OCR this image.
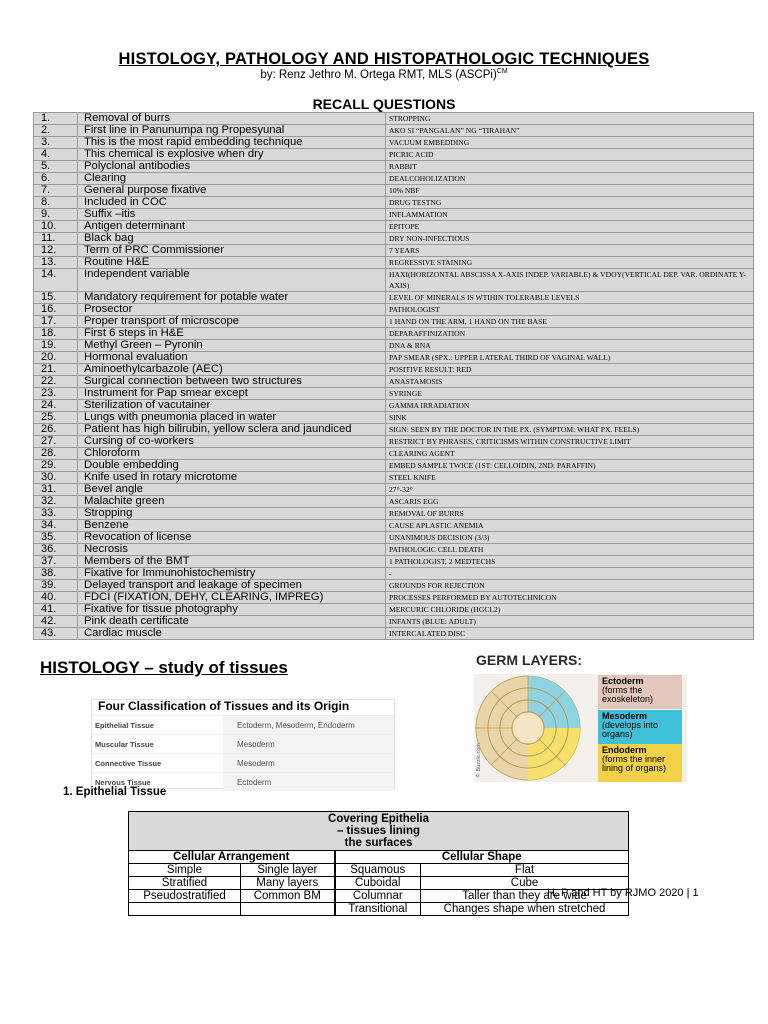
HISTOLOGY, PATHOLOGY AND HISTOPATHOLOGIC TECHNIQUES
by: Renz Jethro M. Ortega RMT, MLS (ASCPi)$^{CM}$
RECALL QUESTIONS
1.	Removal of burrs	STROPPING
2.	First line in Panunumpa ng Propesyunal	AKO SI “PANGALAN” NG “TIRAHAN”
3.	This is the most rapid embedding technique	VACUUM EMBEDDING
4.	This chemical is explosive when dry	PICRIC ACID
5.	Polyclonal antibodies	RABBIT
6.	Clearing	DEALCOHOLIZATION
7.	General purpose fixative	10% NBF
8.	Included in COC	DRUG TESTNG
9.	Suffix –itis	INFLAMMATION
10.	Antigen determinant	EPITOPE
11.	Black bag	DRY NON-INFECTIOUS
12.	Term of PRC Commissioner	7 YEARS
13.	Routine H&E	REGRESSIVE STAINING
14.	Independent variable	HAXI(HORIZONTAL ABSCISSA X-AXIS INDEP. VARIABLE) & VDOY(VERTICAL DEP. VAR. ORDINATE Y-AXIS)
15.	Mandatory requirement for potable water	LEVEL OF MINERALS IS WTIHIN TOLERABLE LEVELS
16.	Prosector	PATHOLOGIST
17.	Proper transport of microscope	1 HAND ON THE ARM, 1 HAND ON THE BASE
18.	First 6 steps in H&E	DEPARAFFINIZATION
19.	Methyl Green – Pyronin	DNA & RNA
20.	Hormonal evaluation	PAP SMEAR (SPX.: UPPER LATERAL THIRD OF VAGINAL WALL)
21.	Aminoethylcarbazole (AEC)	POSITIVE RESULT: RED
22.	Surgical connection between two structures	ANASTAMOSIS
23.	Instrument for Pap smear except	SYRINGE
24.	Sterilization of vacutainer	GAMMA IRRADIATION
25.	Lungs with pneumonia placed in water	SINK
26.	Patient has high bilirubin, yellow sclera and jaundiced	SIGN: SEEN BY THE DOCTOR IN THE PX. (SYMPTOM: WHAT PX. FEELS)
27.	Cursing of co-workers	RESTRICT BY PHRASES, CRITICISMS WITHIN CONSTRUCTIVE LIMIT
28.	Chloroform	CLEARING AGENT
29.	Double embedding	EMBED SAMPLE TWICE (1ST: CELLOIDIN, 2ND: PARAFFIN)
30.	Knife used in rotary microtome	STEEL KNIFE
31.	Bevel angle	27°-32°
32.	Malachite green	ASCARIS EGG
33.	Stropping	REMOVAL OF BURRS
34.	Benzene	CAUSE APLASTIC ANEMIA
35.	Revocation of license	UNANIMOUS DECISION (3/3)
36.	Necrosis	PATHOLOGIC CELL DEATH
37.	Members of the BMT	1 PATHOLOGIST, 2 MEDTECHS
38.	Fixative for Immunohistochemistry	-
39.	Delayed transport and leakage of specimen	GROUNDS FOR REJECTION
40.	FDCI (FIXATION, DEHY, CLEARING, IMPREG)	PROCESSES PERFORMED BY AUTOTECHNICON
41.	Fixative for tissue photography	MERCURIC CHLORIDE (HGCL2)
42.	Pink death certificate	INFANTS (BLUE: ADULT)
43.	Cardiac muscle	INTERCALATED DISC
HISTOLOGY – study of tissues
Four Classification of Tissues and its Origin
Epithelial Tissue	Ectoderm, Mesoderm, Endoderm
Muscular Tissue	Mesoderm
Connective Tissue	Mesoderm
Nervous Tissue	Ectoderm
GERM LAYERS:
© Buzzle.com
Ectoderm
(forms the exoskeleton)
Mesoderm
(develops into organs)
Endoderm
(forms the inner lining of organs)
1. Epithelial Tissue
Covering Epithelia
– tissues lining
the surfaces			

Cellular Arrangement		Cellular Shape	
Simple	Single layer	Squamous	Flat
Stratified	Many layers	Cuboidal	Cube
Pseudostratified	Common BM	Columnar	Taller than they are wide
		Transitional	Changes shape when stretched
H, P and HT by RJMO 2020 | 1
